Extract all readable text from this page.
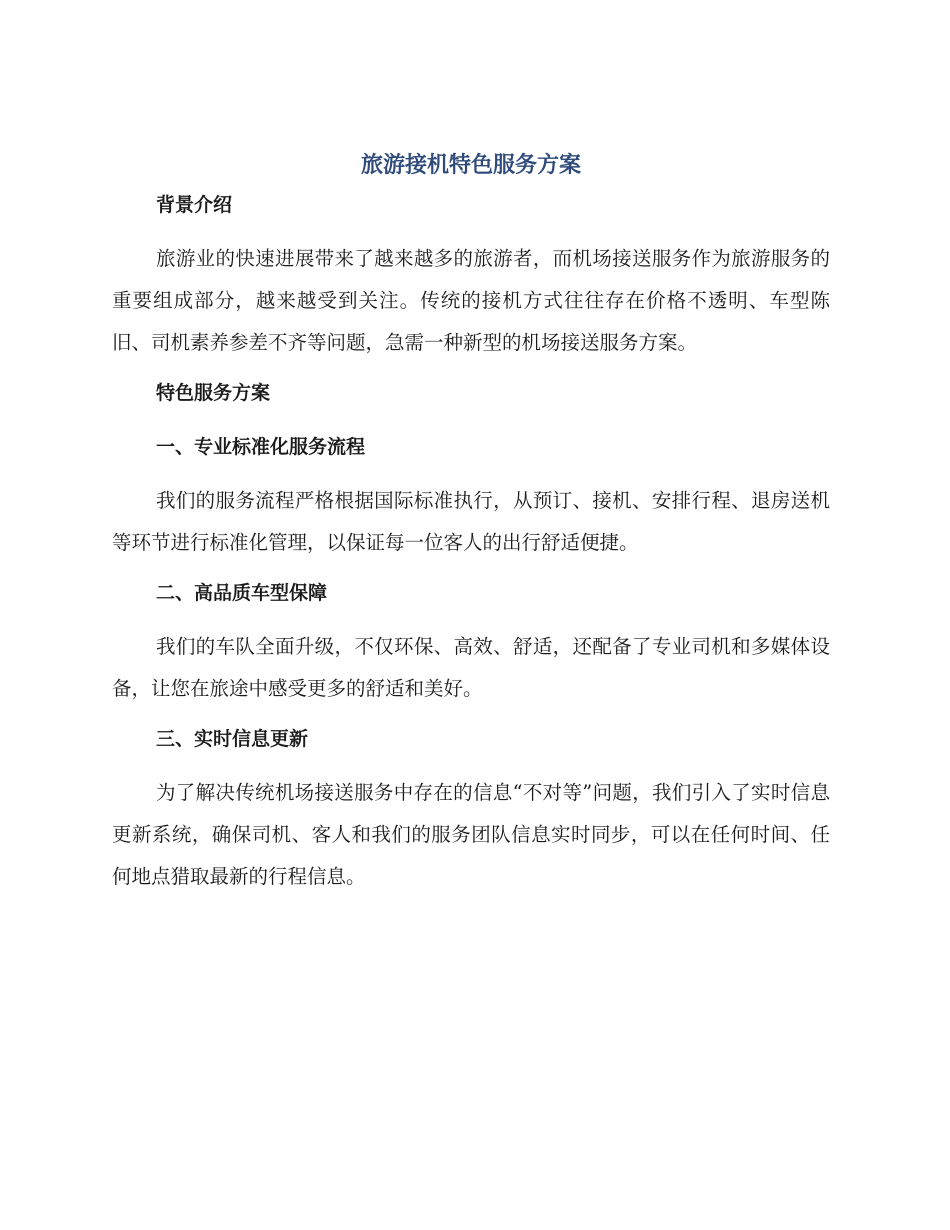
旅游接机特色服务方案
背景介绍

旅游业的快速进展带来了越来越多的旅游者，而机场接送服务作为旅游服务的重要组成部分，越来越受到关注。传统的接机方式往往存在价格不透明、车型陈旧、司机素养参差不齐等问题，急需一种新型的机场接送服务方案。

特色服务方案
一、专业标准化服务流程

我们的服务流程严格根据国际标准执行，从预订、接机、安排行程、退房送机等环节进行标准化管理，以保证每一位客人的出行舒适便捷。

二、高品质车型保障

我们的车队全面升级，不仅环保、高效、舒适，还配备了专业司机和多媒体设备，让您在旅途中感受更多的舒适和美好。

三、实时信息更新

为了解决传统机场接送服务中存在的信息“不对等”问题，我们引入了实时信息更新系统，确保司机、客人和我们的服务团队信息实时同步，可以在任何时间、任何地点猎取最新的行程信息。
